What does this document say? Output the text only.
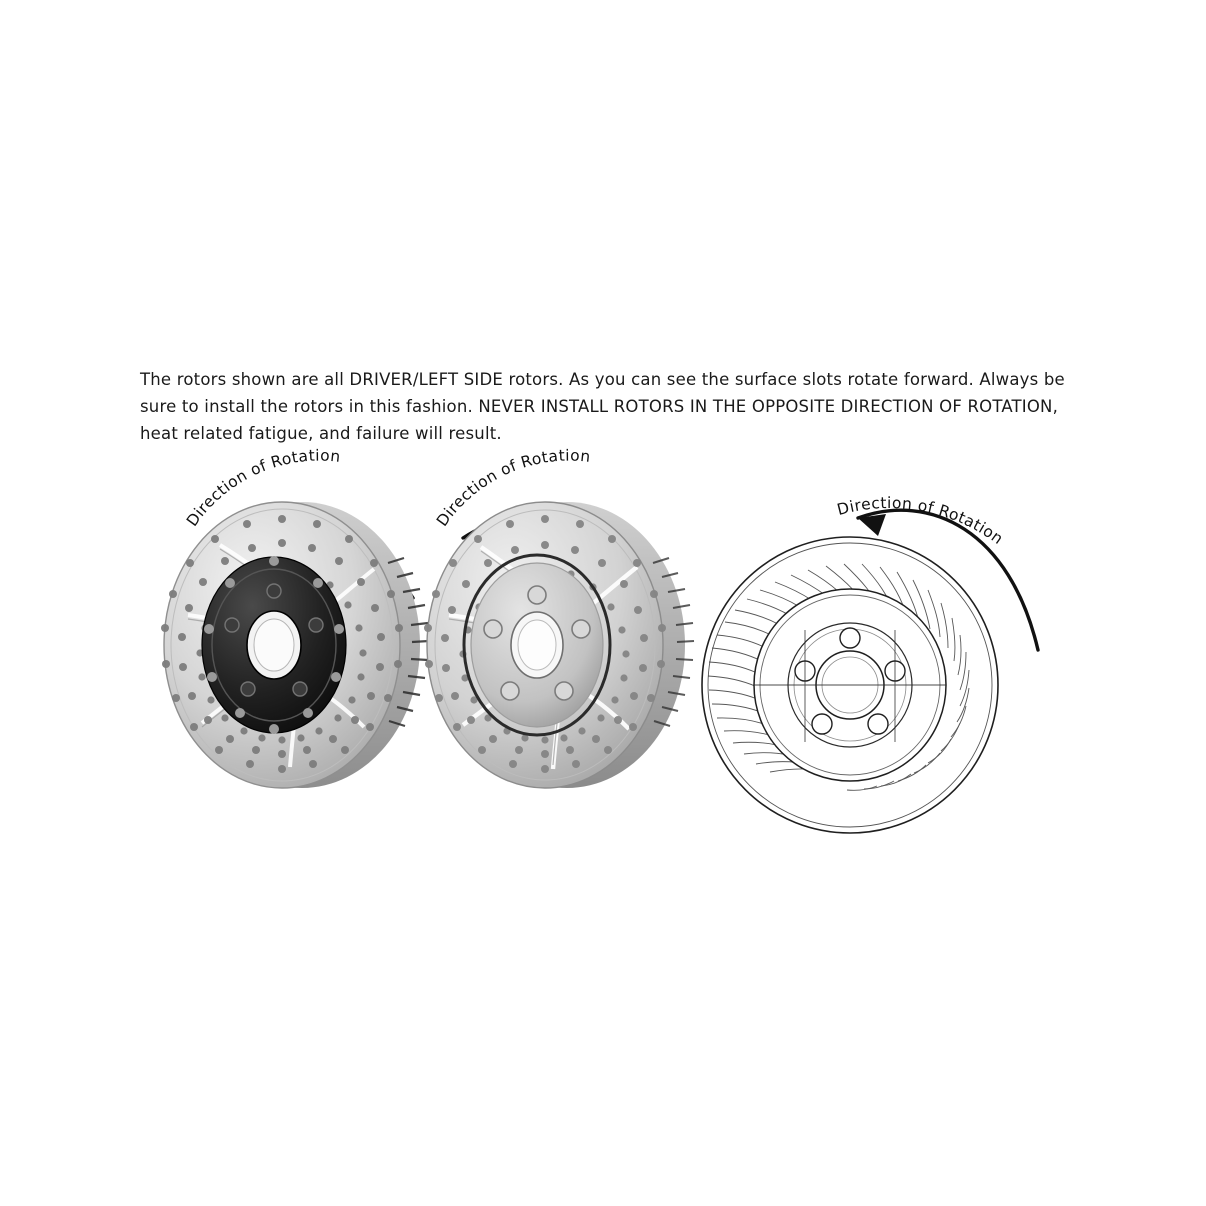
The rotors shown are all DRIVER/LEFT SIDE rotors. As you can see the surface slots rotate forward. Always be sure to install the rotors in this fashion. NEVER INSTALL ROTORS IN THE OPPOSITE DIRECTION OF ROTATION, heat related fatigue, and failure will result.
Direction of Rotation
Direction of Rotation
Direction of Rotation
